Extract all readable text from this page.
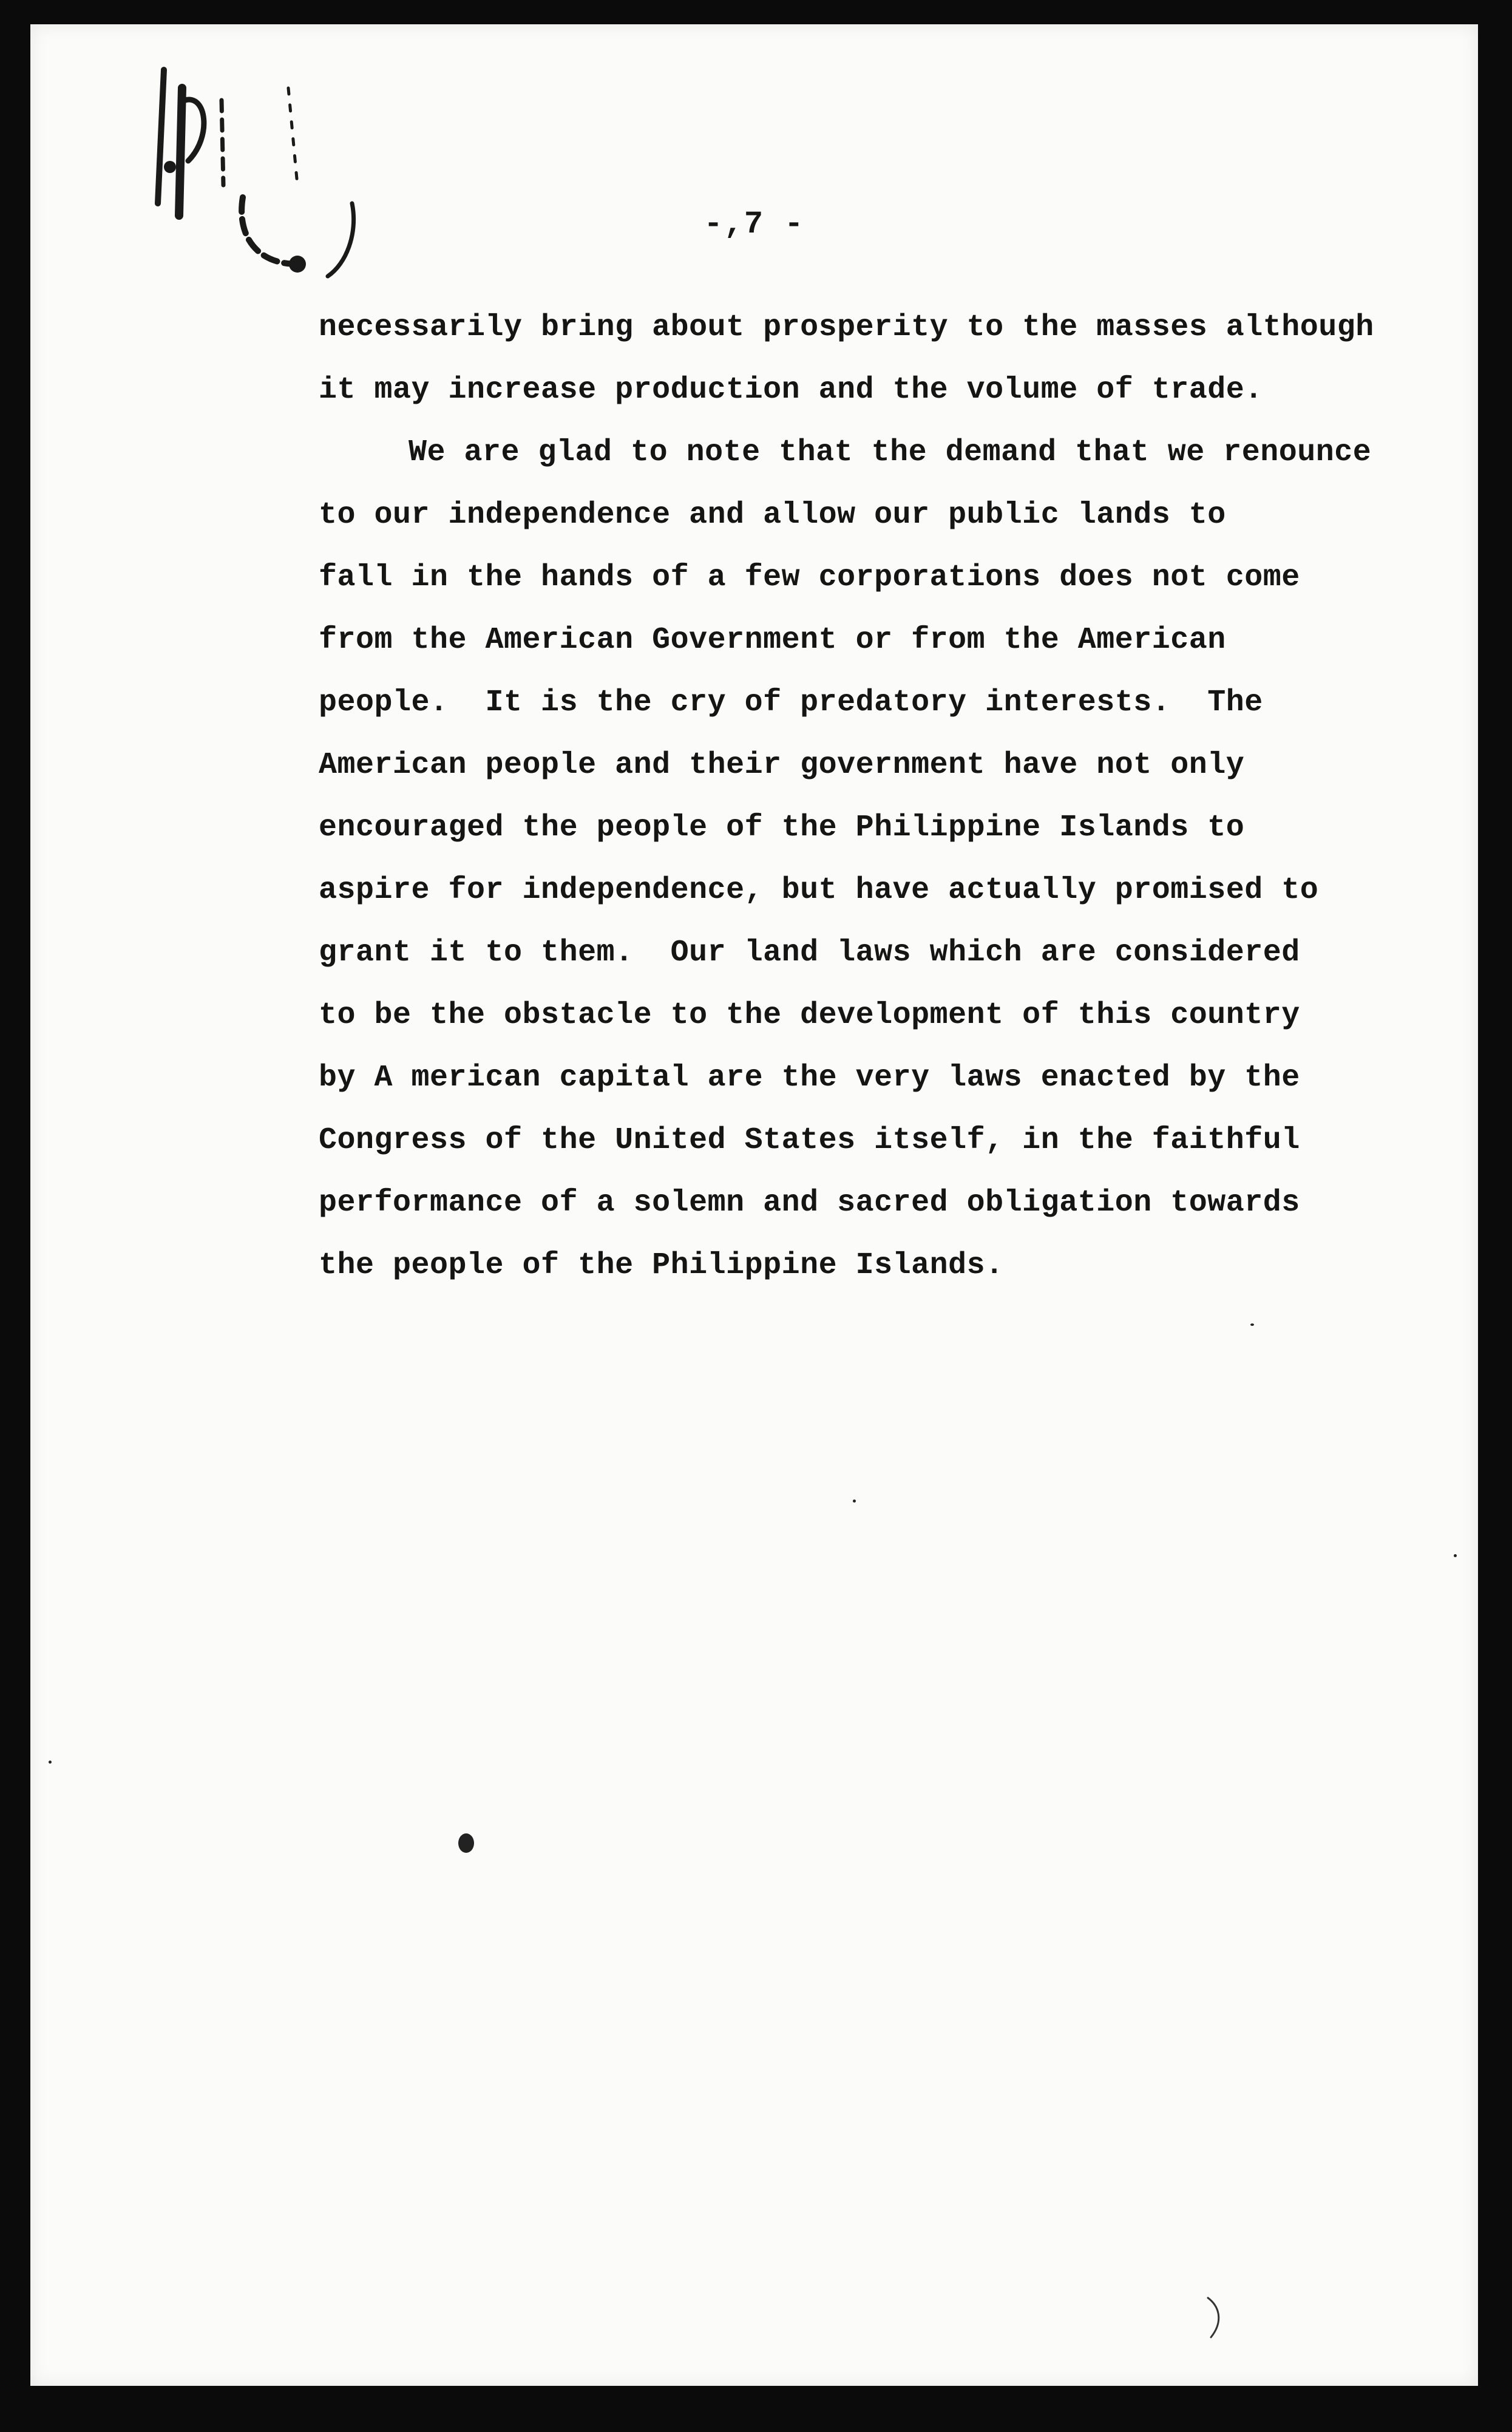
-,7 -
necessarily bring about prosperity to the masses although
it may increase production and the volume of trade.
We are glad to note that the demand that we renounce
to our independence and allow our public lands to
fall in the hands of a few corporations does not come
from the American Government or from the American
people.  It is the cry of predatory interests.  The
American people and their government have not only
encouraged the people of the Philippine Islands to
aspire for independence, but have actually promised to
grant it to them.  Our land laws which are considered
to be the obstacle to the development of this country
by A merican capital are the very laws enacted by the
Congress of the United States itself, in the faithful
performance of a solemn and sacred obligation towards
the people of the Philippine Islands.
